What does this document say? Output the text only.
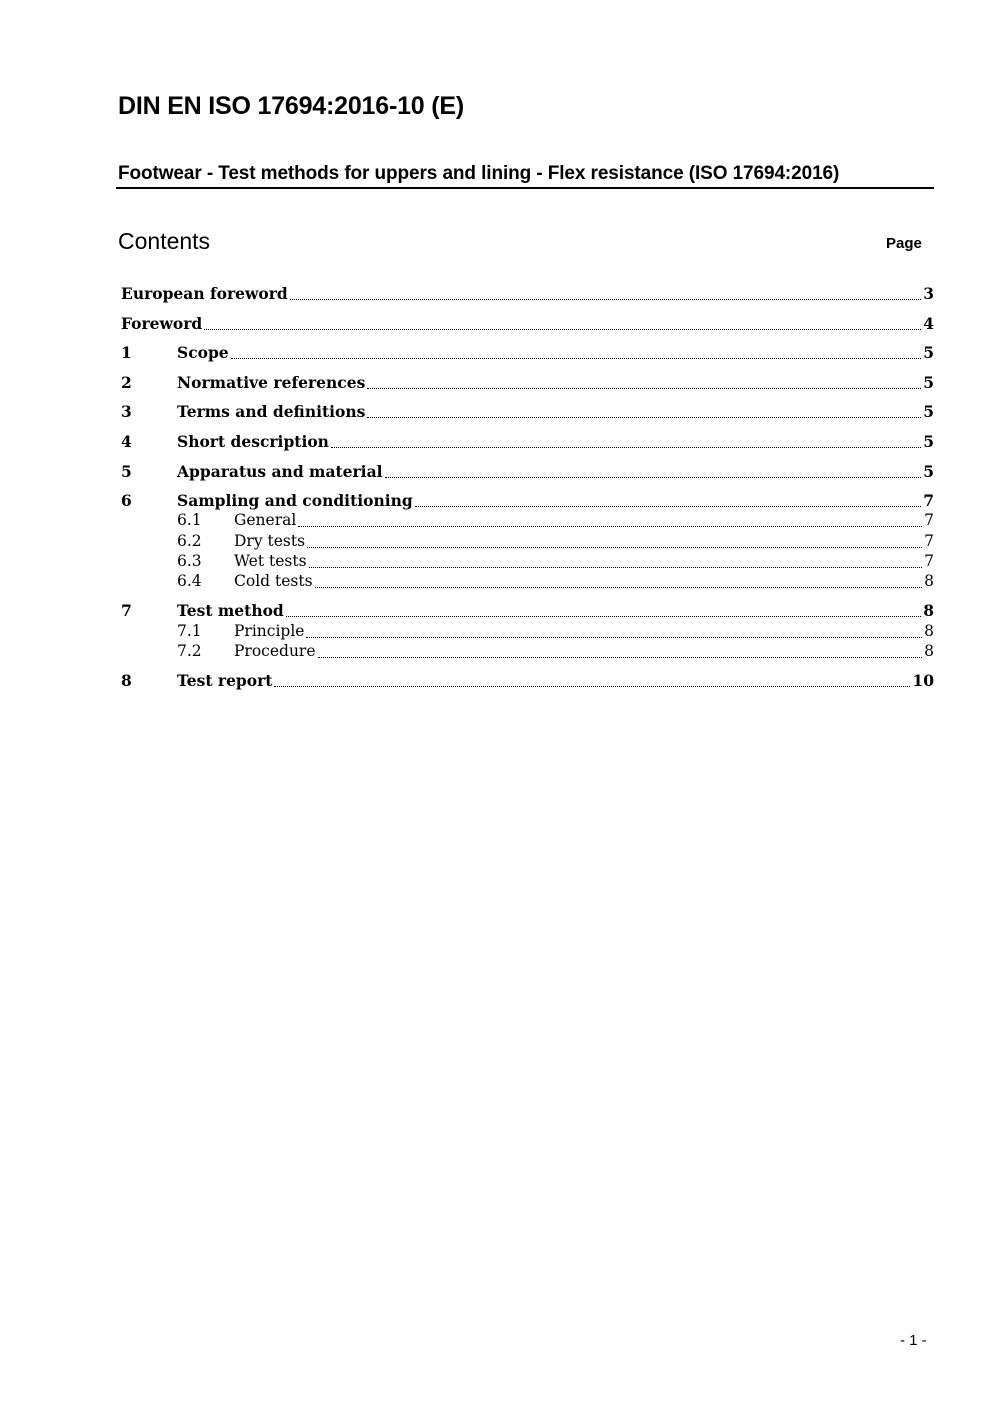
DIN EN ISO 17694:2016-10 (E)
Footwear - Test methods for uppers and lining - Flex resistance (ISO 17694:2016)
Contents	Page
European foreword	3
Foreword	4
1	Scope	5
2	Normative references	5
3	Terms and definitions	5
4	Short description	5
5	Apparatus and material	5
6	Sampling and conditioning	7
6.1	General	7
6.2	Dry tests	7
6.3	Wet tests	7
6.4	Cold tests	8
7	Test method	8
7.1	Principle	8
7.2	Procedure	8
8	Test report	10
- 1 -
